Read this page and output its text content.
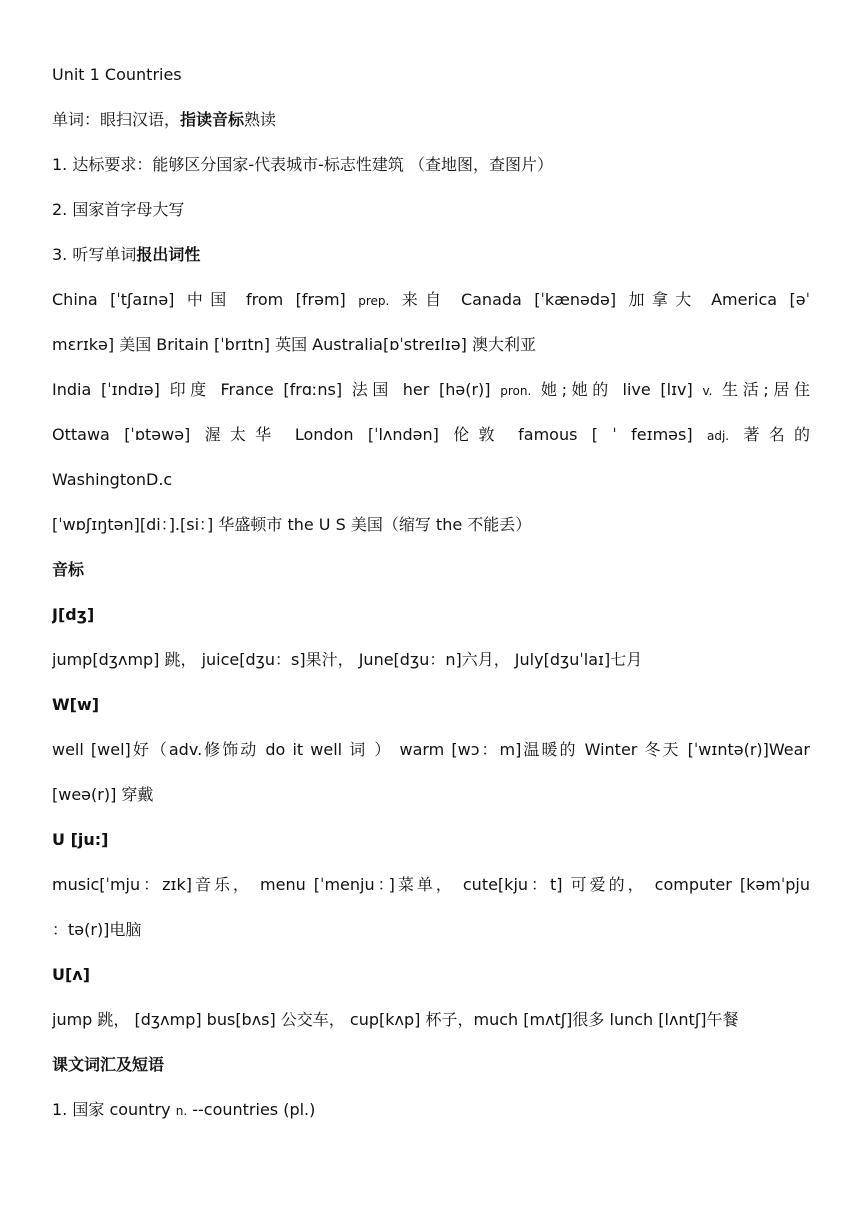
Unit 1 Countries
单词：眼扫汉语，指读音标熟读
1. 达标要求：能够区分国家-代表城市-标志性建筑 （查地图，查图片）
2. 国家首字母大写
3. 听写单词报出词性
China [ˈtʃaɪnə] 中国 from [frəm] prep. 来自 Canada [ˈkænədə] 加拿大 America [əˈ
mɛrɪkə] 美国 Britain [ˈbrɪtn] 英国 Australia[ɒˈstreɪlɪə] 澳大利亚
India [ˈɪndɪə] 印度 France [frɑːns] 法国 her [hə(r)] pron. 她;她的 live [lɪv] v. 生活;居住
Ottawa [ˈɒtəwə] 渥太华 London [ˈlʌndən] 伦敦 famous [ ˈ feɪməs] adj. 著名的
WashingtonD.c
[ˈwɒʃɪŋtən][di：].[si：] 华盛顿市 the U S 美国（缩写 the 不能丢）
音标
J[dʒ]
jump[dʒʌmp] 跳， juice[dʒu：s]果汁， June[dʒu：n]六月， July[dʒuˈlaɪ]七月
W[w]
well [wel]好（adv.修饰动 do it well 词 ） warm [wɔ：m]温暖的 Winter 冬天 [ˈwɪntə(r)]Wear
[weə(r)] 穿戴
U [ju:]
music[ˈmju：zɪk]音乐， menu [ˈmenju：]菜单， cute[kju：t] 可爱的， computer [kəmˈpju
：tə(r)]电脑
U[ʌ]
jump 跳， [dʒʌmp] bus[bʌs] 公交车， cup[kʌp] 杯子，much [mʌtʃ]很多 lunch [lʌntʃ]午餐
课文词汇及短语
1. 国家 country n. --countries (pl.)
